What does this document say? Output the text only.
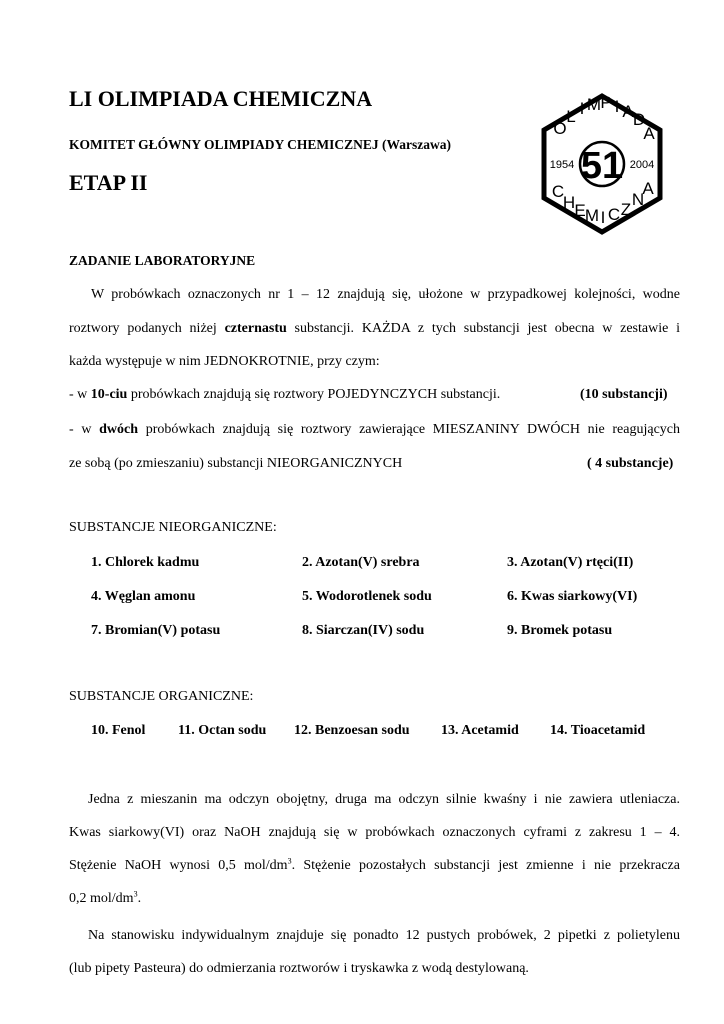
LI OLIMPIADA CHEMICZNA
KOMITET GŁÓWNY OLIMPIADY CHEMICZNEJ (Warszawa)
ETAP II
O
L I M P I A D
A
C
H E M I C Z
N
A
51
1954	2004
ZADANIE LABORATORYJNE
W probówkach oznaczonych nr 1 – 12 znajdują się, ułożone w przypadkowej kolejności, wodne
roztwory podanych niżej czternastu substancji. KAŻDA z tych substancji jest obecna w zestawie i
każda występuje w nim JEDNOKROTNIE, przy czym:
- w 10-ciu probówkach znajdują się roztwory POJEDYNCZYCH substancji.	(10 substancji)
- w dwóch probówkach znajdują się roztwory zawierające MIESZANINY DWÓCH nie reagujących
ze sobą (po zmieszaniu) substancji NIEORGANICZNYCH	( 4 substancje)
SUBSTANCJE NIEORGANICZNE:
1. Chlorek kadmu	2. Azotan(V) srebra	3. Azotan(V) rtęci(II)
4. Węglan amonu	5. Wodorotlenek sodu	6. Kwas siarkowy(VI)
7. Bromian(V) potasu	8. Siarczan(IV) sodu	9. Bromek potasu
SUBSTANCJE ORGANICZNE:
10. Fenol 11. Octan sodu 12. Benzoesan sodu 13. Acetamid 14. Tioacetamid
Jedna z mieszanin ma odczyn obojętny, druga ma odczyn silnie kwaśny i nie zawiera utleniacza.
Kwas siarkowy(VI) oraz NaOH znajdują się w probówkach oznaczonych cyframi z zakresu 1 – 4.
Stężenie NaOH wynosi 0,5 mol/$dm^3$. Stężenie pozostałych substancji jest zmienne i nie przekracza
0,2 mol/$dm^3$.
Na stanowisku indywidualnym znajduje się ponadto 12 pustych probówek, 2 pipetki z polietylenu
(lub pipety Pasteura) do odmierzania roztworów i tryskawka z wodą destylowaną.
